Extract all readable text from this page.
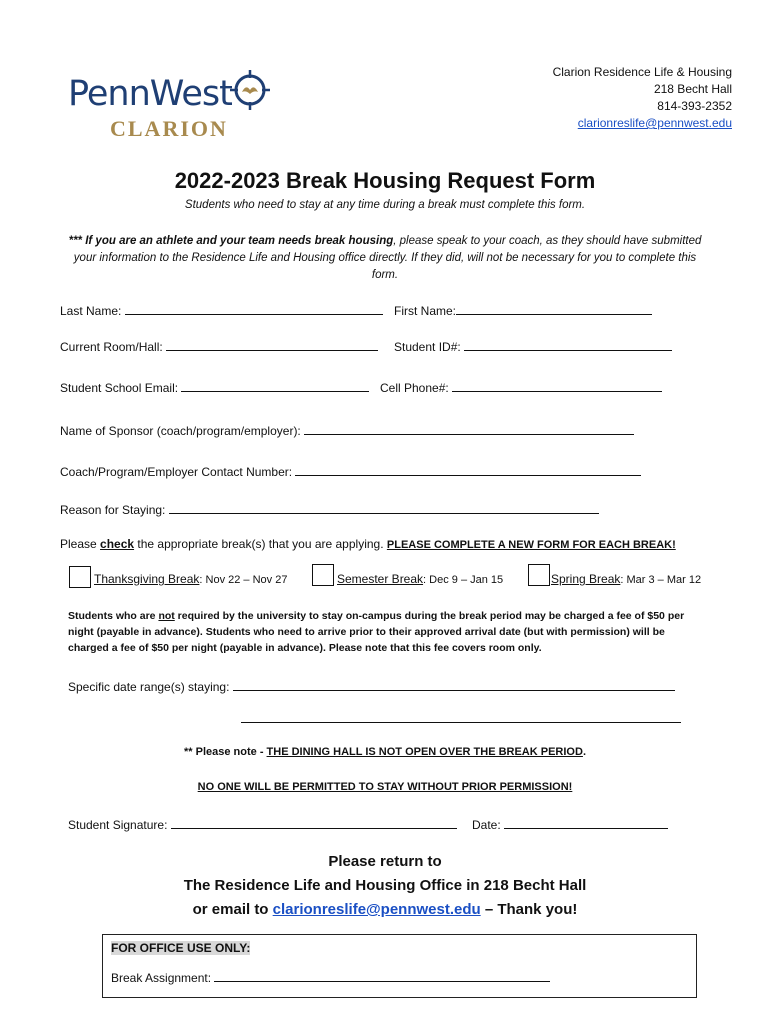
PennWest
CLARION
Clarion Residence Life & Housing
218 Becht Hall
814-393-2352
clarionreslife@pennwest.edu
2022-2023 Break Housing Request Form
Students who need to stay at any time during a break must complete this form.
*** If you are an athlete and your team needs break housing, please speak to your coach, as they should have submitted your information to the Residence Life and Housing office directly. If they did, will not be necessary for you to complete this form.
Last Name:	First Name:
Current Room/Hall:	Student ID#:
Student School Email:	Cell Phone#:
Name of Sponsor (coach/program/employer):
Coach/Program/Employer Contact Number:
Reason for Staying:
Please check the appropriate break(s) that you are applying. PLEASE COMPLETE A NEW FORM FOR EACH BREAK!
Thanksgiving Break: Nov 22 – Nov 27	Semester Break: Dec 9 – Jan 15	Spring Break: Mar 3 – Mar 12
Students who are not required by the university to stay on-campus during the break period may be charged a fee of $50 per night (payable in advance). Students who need to arrive prior to their approved arrival date (but with permission) will be charged a fee of $50 per night (payable in advance). Please note that this fee covers room only.
Specific date range(s) staying:
** Please note - THE DINING HALL IS NOT OPEN OVER THE BREAK PERIOD.
NO ONE WILL BE PERMITTED TO STAY WITHOUT PRIOR PERMISSION!
Student Signature:	Date:
Please return to
The Residence Life and Housing Office in 218 Becht Hall
or email to clarionreslife@pennwest.edu – Thank you!
FOR OFFICE USE ONLY:
Break Assignment:
